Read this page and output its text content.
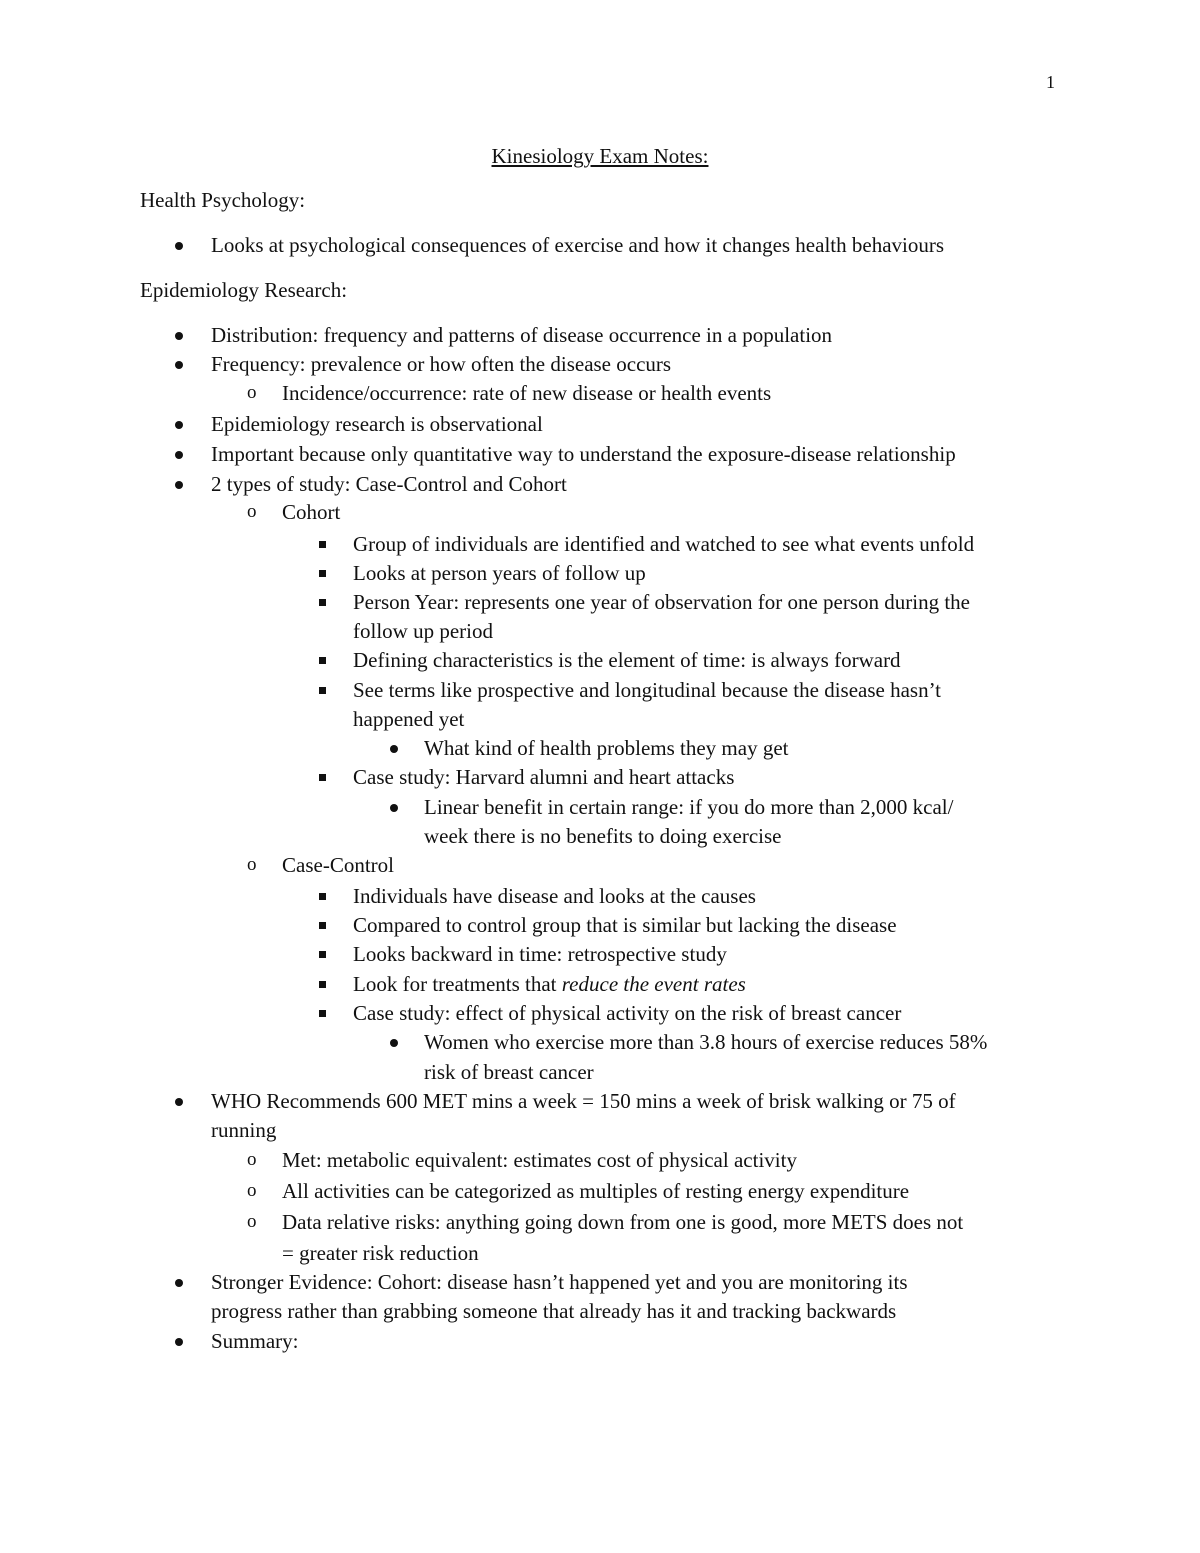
1
Kinesiology Exam Notes:
Health Psychology:
Looks at psychological consequences of exercise and how it changes health behaviours
Epidemiology Research:
Distribution: frequency and patterns of disease occurrence in a population
Frequency: prevalence or how often the disease occurs
o Incidence/occurrence: rate of new disease or health events
Epidemiology research is observational
Important because only quantitative way to understand the exposure-disease relationship
2 types of study: Case-Control and Cohort
o Cohort
Group of individuals are identified and watched to see what events unfold
Looks at person years of follow up
Person Year: represents one year of observation for one person during the
follow up period
Defining characteristics is the element of time: is always forward
See terms like prospective and longitudinal because the disease hasn’t
happened yet
What kind of health problems they may get
Case study: Harvard alumni and heart attacks
Linear benefit in certain range: if you do more than 2,000 kcal/
week there is no benefits to doing exercise
o Case-Control
Individuals have disease and looks at the causes
Compared to control group that is similar but lacking the disease
Looks backward in time: retrospective study
Look for treatments that reduce the event rates
Case study: effect of physical activity on the risk of breast cancer
Women who exercise more than 3.8 hours of exercise reduces 58%
risk of breast cancer
WHO Recommends 600 MET mins a week = 150 mins a week of brisk walking or 75 of
running
o Met: metabolic equivalent: estimates cost of physical activity
o All activities can be categorized as multiples of resting energy expenditure
o Data relative risks: anything going down from one is good, more METS does not
= greater risk reduction
Stronger Evidence: Cohort: disease hasn’t happened yet and you are monitoring its
progress rather than grabbing someone that already has it and tracking backwards
Summary:
